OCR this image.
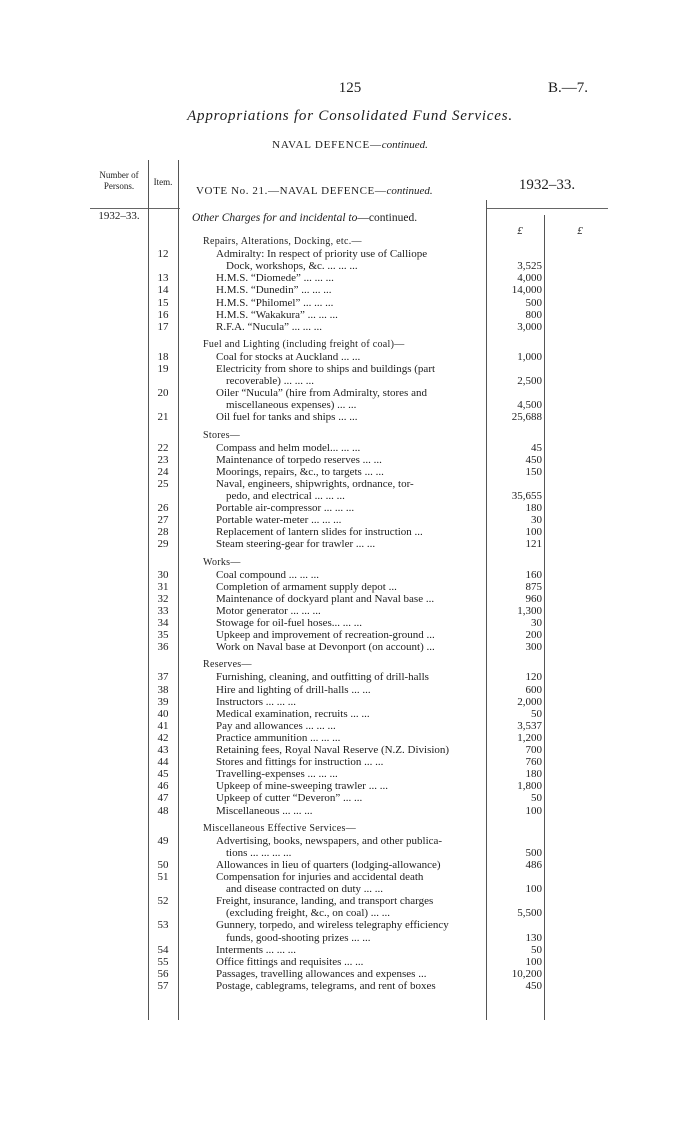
125	B.—7.
Appropriations for Consolidated Fund Services.
NAVAL DEFENCE—continued.
Number of Persons.	Item.
VOTE No. 21.—NAVAL DEFENCE—continued.	1932–33.
1932–33.	Other Charges for and incidental to—continued.
£	£
Repairs, Alterations, Docking, etc.—
12	Admiralty: In respect of priority use of Calliope
Dock, workshops, &c. ... ... ...	3,525
13	H.M.S. “Diomede” ... ... ...	4,000
14	H.M.S. “Dunedin” ... ... ...	14,000
15	H.M.S. “Philomel” ... ... ...	500
16	H.M.S. “Wakakura” ... ... ...	800
17	R.F.A. “Nucula” ... ... ...	3,000
Fuel and Lighting (including freight of coal)—
18	Coal for stocks at Auckland ... ...	1,000
19	Electricity from shore to ships and buildings (part
recoverable) ... ... ...	2,500
20	Oiler “Nucula” (hire from Admiralty, stores and
miscellaneous expenses) ... ...	4,500
21	Oil fuel for tanks and ships ... ...	25,688
Stores—
22	Compass and helm model... ... ...	45
23	Maintenance of torpedo reserves ... ...	450
24	Moorings, repairs, &c., to targets ... ...	150
25	Naval, engineers, shipwrights, ordnance, tor-
pedo, and electrical ... ... ...	35,655
26	Portable air-compressor ... ... ...	180
27	Portable water-meter ... ... ...	30
28	Replacement of lantern slides for instruction ...	100
29	Steam steering-gear for trawler ... ...	121
Works—
30	Coal compound ... ... ...	160
31	Completion of armament supply depot ...	875
32	Maintenance of dockyard plant and Naval base ...	960
33	Motor generator ... ... ...	1,300
34	Stowage for oil-fuel hoses... ... ...	30
35	Upkeep and improvement of recreation-ground ...	200
36	Work on Naval base at Devonport (on account) ...	300
Reserves—
37	Furnishing, cleaning, and outfitting of drill-halls	120
38	Hire and lighting of drill-halls ... ...	600
39	Instructors ... ... ...	2,000
40	Medical examination, recruits ... ...	50
41	Pay and allowances ... ... ...	3,537
42	Practice ammunition ... ... ...	1,200
43	Retaining fees, Royal Naval Reserve (N.Z. Division)	700
44	Stores and fittings for instruction ... ...	760
45	Travelling-expenses ... ... ...	180
46	Upkeep of mine-sweeping trawler ... ...	1,800
47	Upkeep of cutter “Deveron” ... ...	50
48	Miscellaneous ... ... ...	100
Miscellaneous Effective Services—
49	Advertising, books, newspapers, and other publica-
tions ... ... ... ...	500
50	Allowances in lieu of quarters (lodging-allowance)	486
51	Compensation for injuries and accidental death
and disease contracted on duty ... ...	100
52	Freight, insurance, landing, and transport charges
(excluding freight, &c., on coal) ... ...	5,500
53	Gunnery, torpedo, and wireless telegraphy efficiency
funds, good-shooting prizes ... ...	130
54	Interments ... ... ...	50
55	Office fittings and requisites ... ...	100
56	Passages, travelling allowances and expenses ...	10,200
57	Postage, cablegrams, telegrams, and rent of boxes	450
